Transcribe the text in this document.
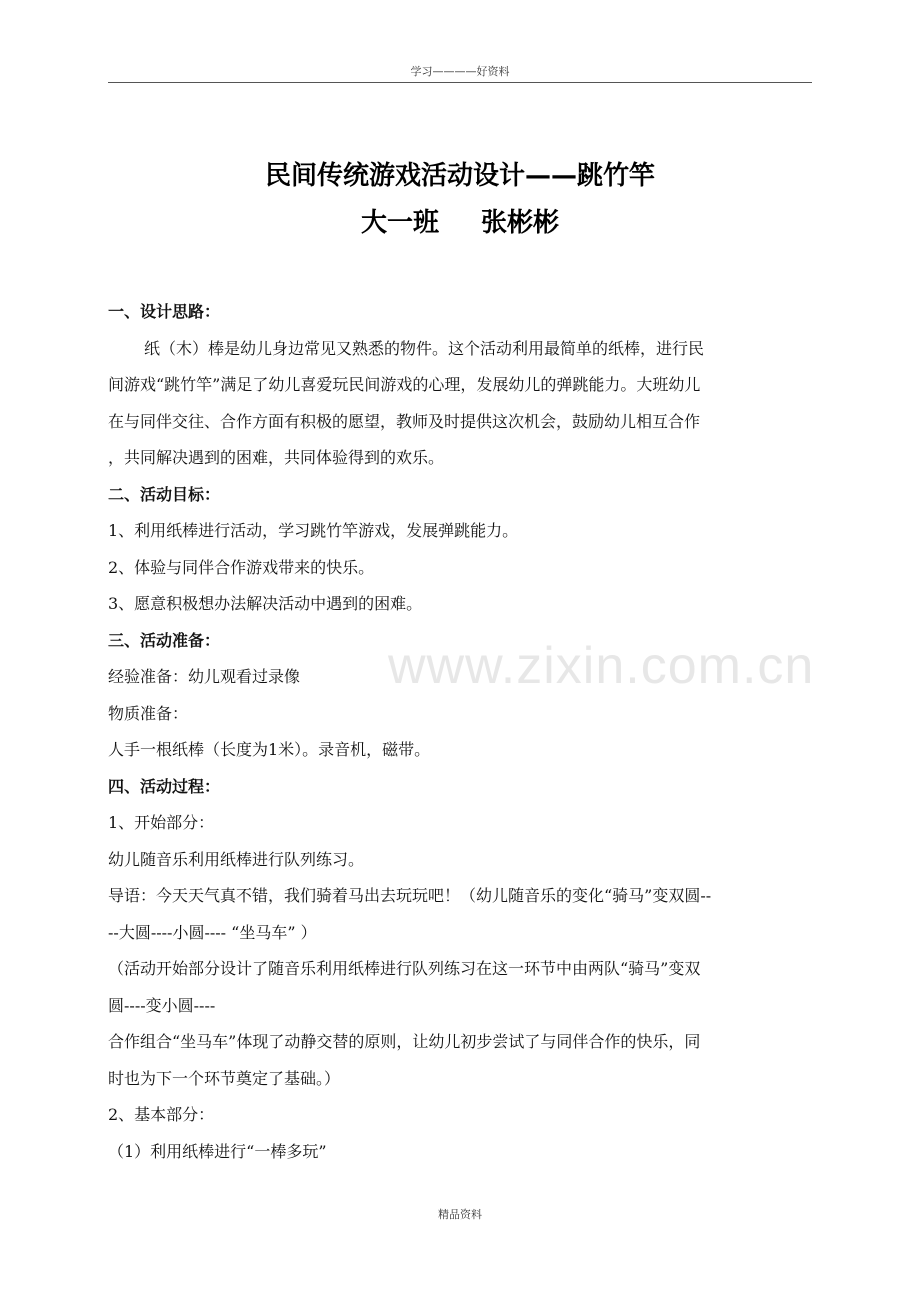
学习————好资料
民间传统游戏活动设计——跳竹竿
大一班 张彬彬
www.zixin.com.cn
一、设计思路：
纸（木）棒是幼儿身边常见又熟悉的物件。这个活动利用最简单的纸棒，进行民
间游戏“跳竹竿”满足了幼儿喜爱玩民间游戏的心理，发展幼儿的弹跳能力。大班幼儿
在与同伴交往、合作方面有积极的愿望，教师及时提供这次机会，鼓励幼儿相互合作
，共同解决遇到的困难，共同体验得到的欢乐。
二、活动目标：
1、利用纸棒进行活动，学习跳竹竿游戏，发展弹跳能力。
2、体验与同伴合作游戏带来的快乐。
3、愿意积极想办法解决活动中遇到的困难。
三、活动准备：
经验准备：幼儿观看过录像
物质准备：
人手一根纸棒（长度为1米）。录音机，磁带。
四、活动过程：
1、开始部分：
幼儿随音乐利用纸棒进行队列练习。
导语：今天天气真不错，我们骑着马出去玩玩吧！（幼儿随音乐的变化“骑马”变双圆--
--大圆----小圆---- “坐马车” ）
（活动开始部分设计了随音乐利用纸棒进行队列练习在这一环节中由两队“骑马”变双
圆----变小圆----
合作组合“坐马车”体现了动静交替的原则，让幼儿初步尝试了与同伴合作的快乐，同
时也为下一个环节奠定了基础。）
2、基本部分：
（1）利用纸棒进行“一棒多玩”
精品资料
